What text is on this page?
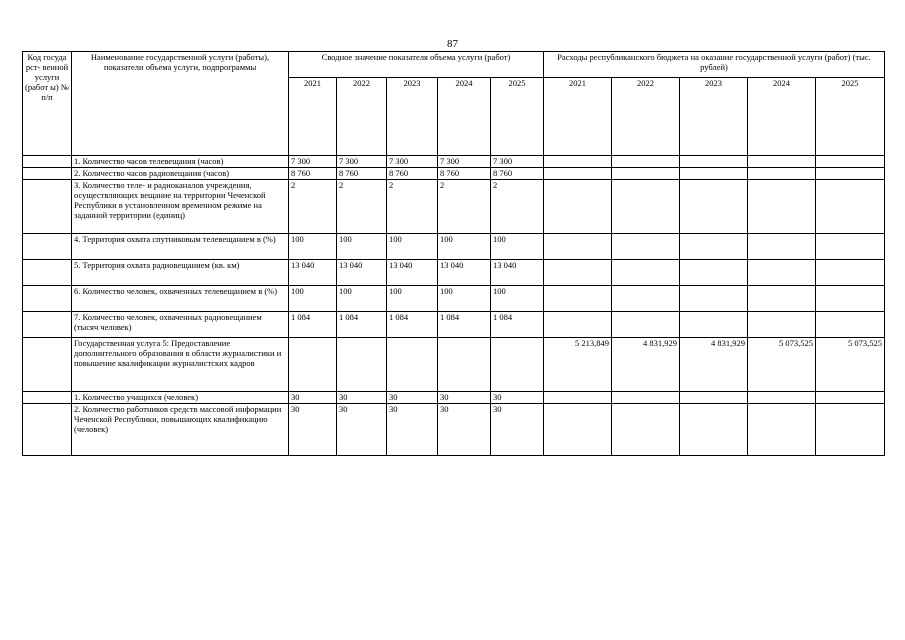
87
Код госуда рст- венной услуги (работ ы) № п/п	Наименование государственной услуги (работы), показатели объема услуги, подпрограммы	Сводное значение показателя объема услуги (работ)					Расходы республиканского бюджета на оказание государственной услуги (работ) (тыс. рублей)				
		2021	2022	2023	2024	2025	2021	2022	2023	2024	2025
	1. Количество часов телевещания (часов)	7 300	7 300	7 300	7 300	7 300					
	2. Количество часов радиовещания (часов)	8 760	8 760	8 760	8 760	8 760					
	3. Количество теле- и радиоканалов учреждения, осуществляющих вещание на территории Чеченской Республики в установленном временном режиме на заданной территории (единиц)	2	2	2	2	2					
	4. Территория охвата спутниковым телевещанием в (%)	100	100	100	100	100					
	5. Территория охвата радиовещанием (кв. км)	13 040	13 040	13 040	13 040	13 040					
	6. Количество человек, охваченных телевещанием в (%)	100	100	100	100	100					
	7. Количество человек, охваченных радиовещанием (тысяч человек)	1 084	1 084	1 084	1 084	1 084					
	Государственная услуга 5: Предоставление дополнительного образования в области журналистики и повышение квалификации журналистских кадров						5 213,849	4 831,929	4 831,929	5 073,525	5 073,525
	1. Количество учащихся (человек)	30	30	30	30	30					
	2. Количество работников средств массовой информации Чеченской Республики, повышающих квалификацию (человек)	30	30	30	30	30					
